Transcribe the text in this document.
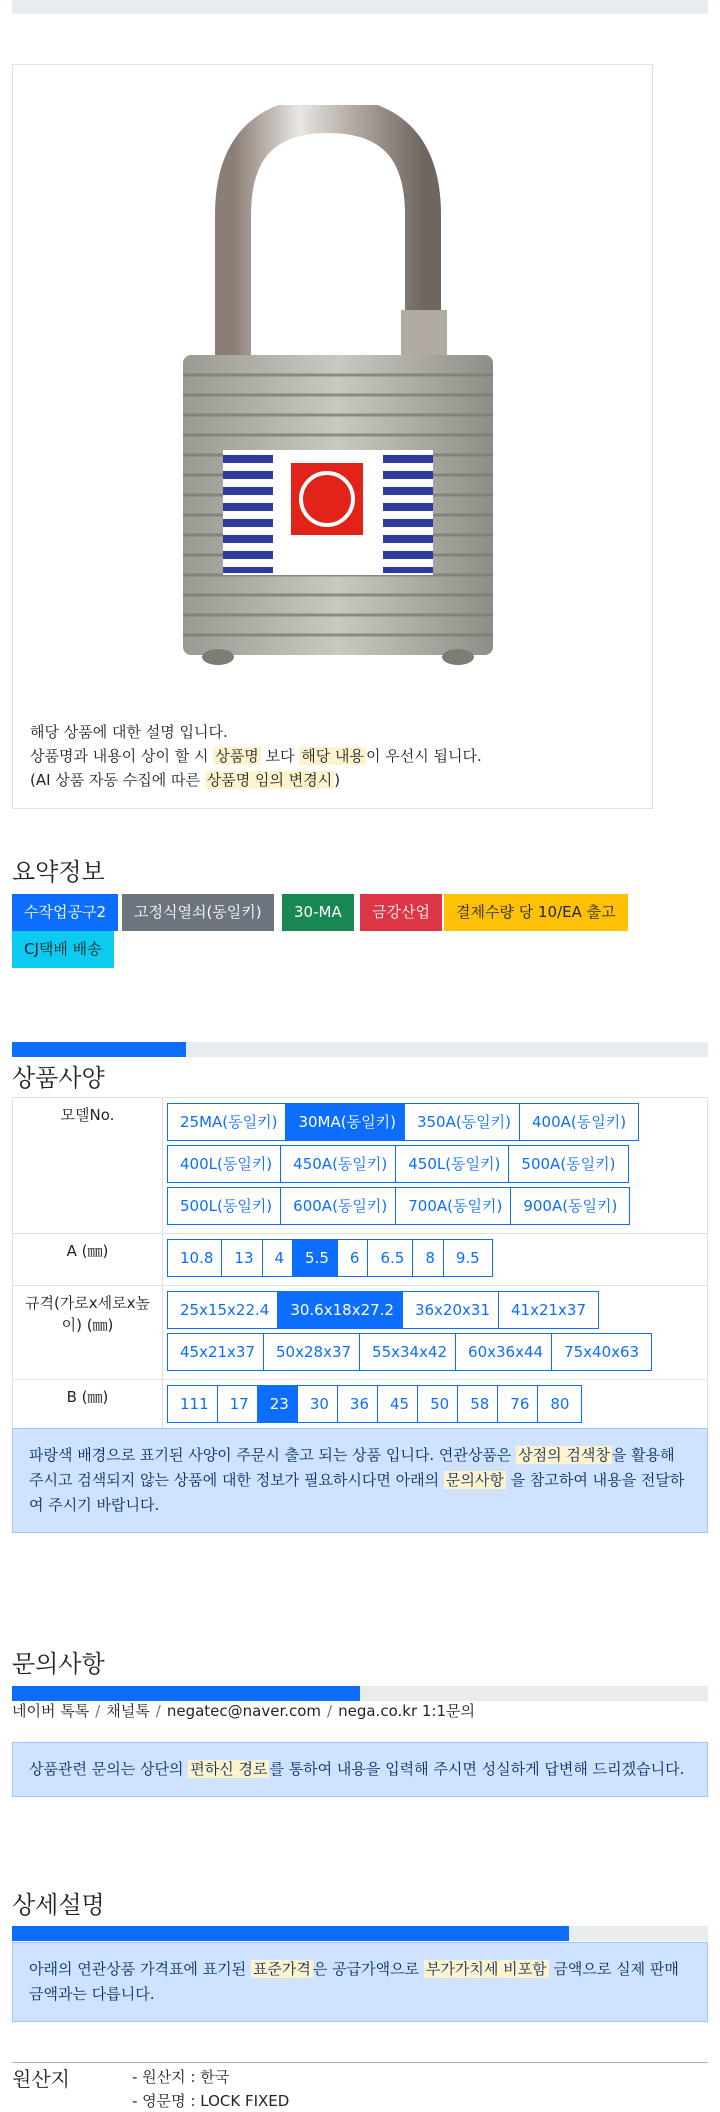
해당 상품에 대한 설명 입니다.
상품명과 내용이 상이 할 시 상품명 보다 해당 내용 이 우선시 됩니다.
(AI 상품 자동 수집에 따른 상품명 임의 변경시 )
요약정보
수작업공구2	고정식열쇠(동일키)	30-MA	금강산업	결제수량 당 10/EA 출고
CJ택배 배송
상품사양
모델No.	25MA(동일키) 30MA(동일키) 350A(동일키) 400A(동일키)
400L(동일키) 450A(동일키) 450L(동일키) 500A(동일키)
500L(동일키) 600A(동일키) 700A(동일키) 900A(동일키)
A (㎜)	10.8 13 4 5.5 6 6.5 8 9.5
규격(가로x세로x높이) (㎜)	25x15x22.4 30.6x18x27.2 36x20x31 41x21x37
45x21x37 50x28x37 55x34x42 60x36x44 75x40x63
B (㎜)	111 17 23 30 36 45 50 58 76 80
파랑색 배경으로 표기된 사양이 주문시 출고 되는 상품 입니다. 연관상품은 상점의 검색창 을 활용해 주시고 검색되지 않는 상품에 대한 정보가 필요하시다면 아래의 문의사항 을 참고하여 내용을 전달하여 주시기 바랍니다.
문의사항
네이버 톡톡 / 채널톡 / negatec@naver.com / nega.co.kr 1:1문의
상품관련 문의는 상단의 편하신 경로 를 통하여 내용을 입력해 주시면 성실하게 답변해 드리겠습니다.
상세설명
아래의 연관상품 가격표에 표기된 표준가격 은 공급가액으로 부가가치세 비포함 금액으로 실제 판매금액과는 다릅니다.
원산지	- 원산지 : 한국
- 영문명 : LOCK FIXED
